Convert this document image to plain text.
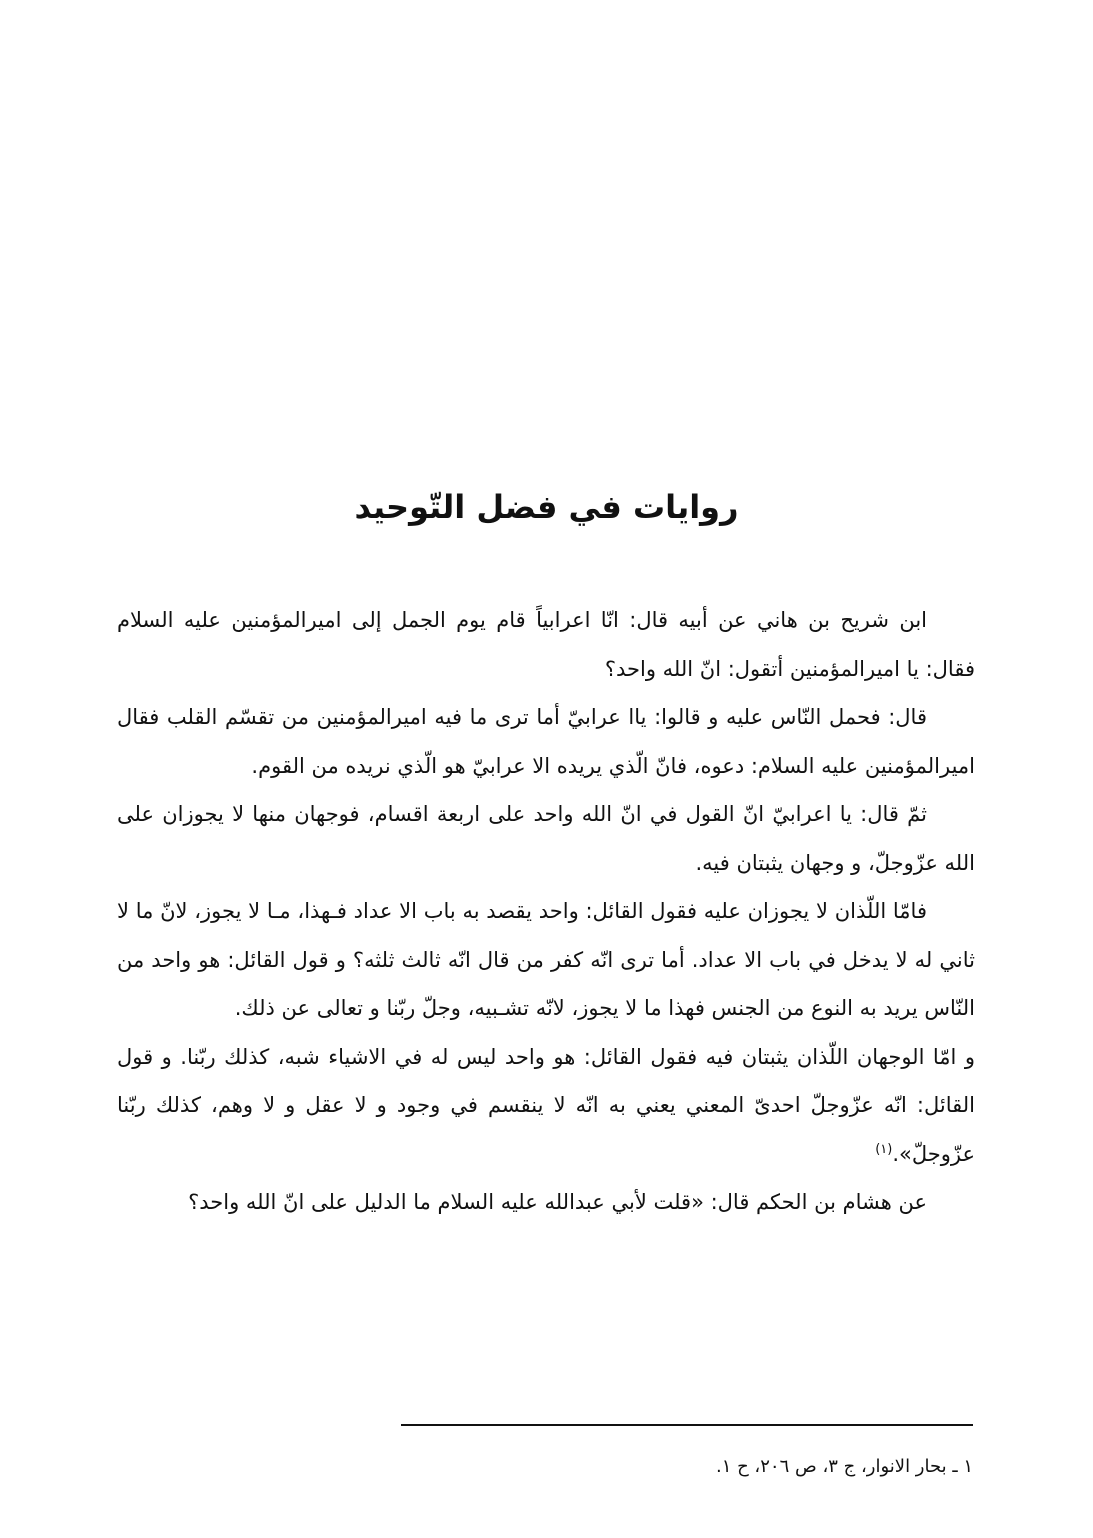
روايات في فضل التّوحيد

ابن شريح بن هاني عن أبيه قال: انّا اعرابياً قام يوم الجمل إلى اميرالمؤمنين عليه السلام فقال: يا اميرالمؤمنين أتقول: انّ الله واحد؟

قال: فحمل النّاس عليه و قالوا: ياا عرابيّ أما ترى ما فيه اميرالمؤمنين من تقسّم القلب فقال اميرالمؤمنين عليه السلام: دعوه، فانّ الّذي يريده الا عرابيّ هو الّذي نريده من القوم.

ثمّ قال: يا اعرابيّ انّ القول في انّ الله واحد على اربعة اقسام، فوجهان منها لا يجوزان على الله عزّوجلّ، و وجهان يثبتان فيه.

فامّا اللّذان لا يجوزان عليه فقول القائل: واحد يقصد به باب الا عداد فـهذا، مـا لا يجوز، لانّ ما لا ثاني له لا يدخل في باب الا عداد. أما ترى انّه كفر من قال انّه ثالث ثلثه؟ و قول القائل: هو واحد من النّاس يريد به النوع من الجنس فهذا ما لا يجوز، لانّه تشـبيه، وجلّ ربّنا و تعالى عن ذلك.

و امّا الوجهان اللّذان يثبتان فيه فقول القائل: هو واحد ليس له في الاشياء شبه، كذلك ربّنا. و قول القائل: انّه عزّوجلّ احدىّ المعني يعني به انّه لا ينقسم في وجود و لا عقل و لا وهم، كذلك ربّنا عزّوجلّ».$^{(١)}$

عن هشام بن الحكم قال: «قلت لأبي عبدالله عليه السلام ما الدليل على انّ الله واحد؟

١ ـ بحار الانوار، ج ٣، ص ٢٠٦، ح ١.
